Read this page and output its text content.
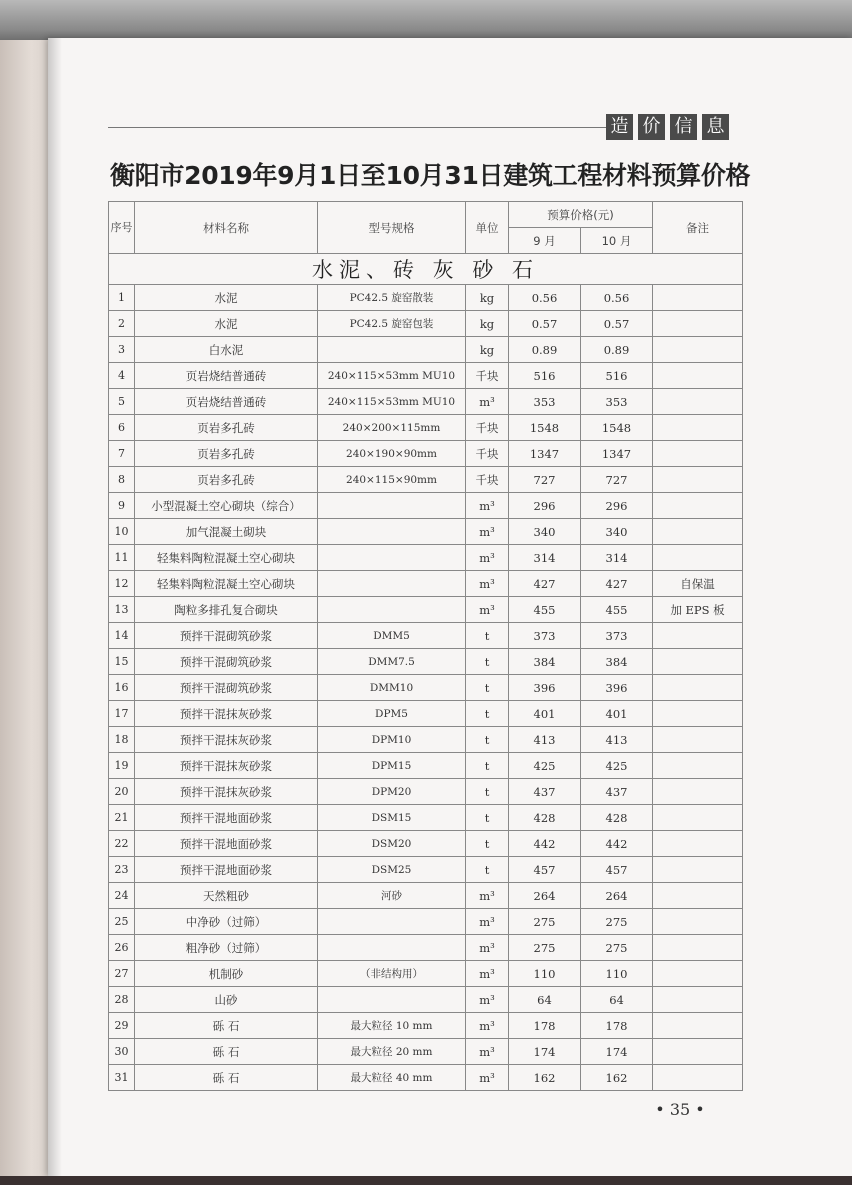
造 价 信 息
衡阳市2019年9月1日至10月31日建筑工程材料预算价格
序号	材料名称	型号规格	单位	预算价格(元)		备注
				9 月	10 月	
水泥、砖 灰 砂 石						
1	水泥	PC42.5 旋窑散装	kg	0.56	0.56	
2	水泥	PC42.5 旋窑包装	kg	0.57	0.57	
3	白水泥		kg	0.89	0.89	
4	页岩烧结普通砖	240×115×53mm MU10	千块	516	516	
5	页岩烧结普通砖	240×115×53mm MU10	m³	353	353	
6	页岩多孔砖	240×200×115mm	千块	1548	1548	
7	页岩多孔砖	240×190×90mm	千块	1347	1347	
8	页岩多孔砖	240×115×90mm	千块	727	727	
9	小型混凝土空心砌块（综合）		m³	296	296	
10	加气混凝土砌块		m³	340	340	
11	轻集料陶粒混凝土空心砌块		m³	314	314	
12	轻集料陶粒混凝土空心砌块		m³	427	427	自保温
13	陶粒多排孔复合砌块		m³	455	455	加 EPS 板
14	预拌干混砌筑砂浆	DMM5	t	373	373	
15	预拌干混砌筑砂浆	DMM7.5	t	384	384	
16	预拌干混砌筑砂浆	DMM10	t	396	396	
17	预拌干混抹灰砂浆	DPM5	t	401	401	
18	预拌干混抹灰砂浆	DPM10	t	413	413	
19	预拌干混抹灰砂浆	DPM15	t	425	425	
20	预拌干混抹灰砂浆	DPM20	t	437	437	
21	预拌干混地面砂浆	DSM15	t	428	428	
22	预拌干混地面砂浆	DSM20	t	442	442	
23	预拌干混地面砂浆	DSM25	t	457	457	
24	天然粗砂	河砂	m³	264	264	
25	中净砂（过筛）		m³	275	275	
26	粗净砂（过筛）		m³	275	275	
27	机制砂	（非结构用）	m³	110	110	
28	山砂		m³	64	64	
29	砾 石	最大粒径 10 mm	m³	178	178	
30	砾 石	最大粒径 20 mm	m³	174	174	
31	砾 石	最大粒径 40 mm	m³	162	162	
• 35 •
